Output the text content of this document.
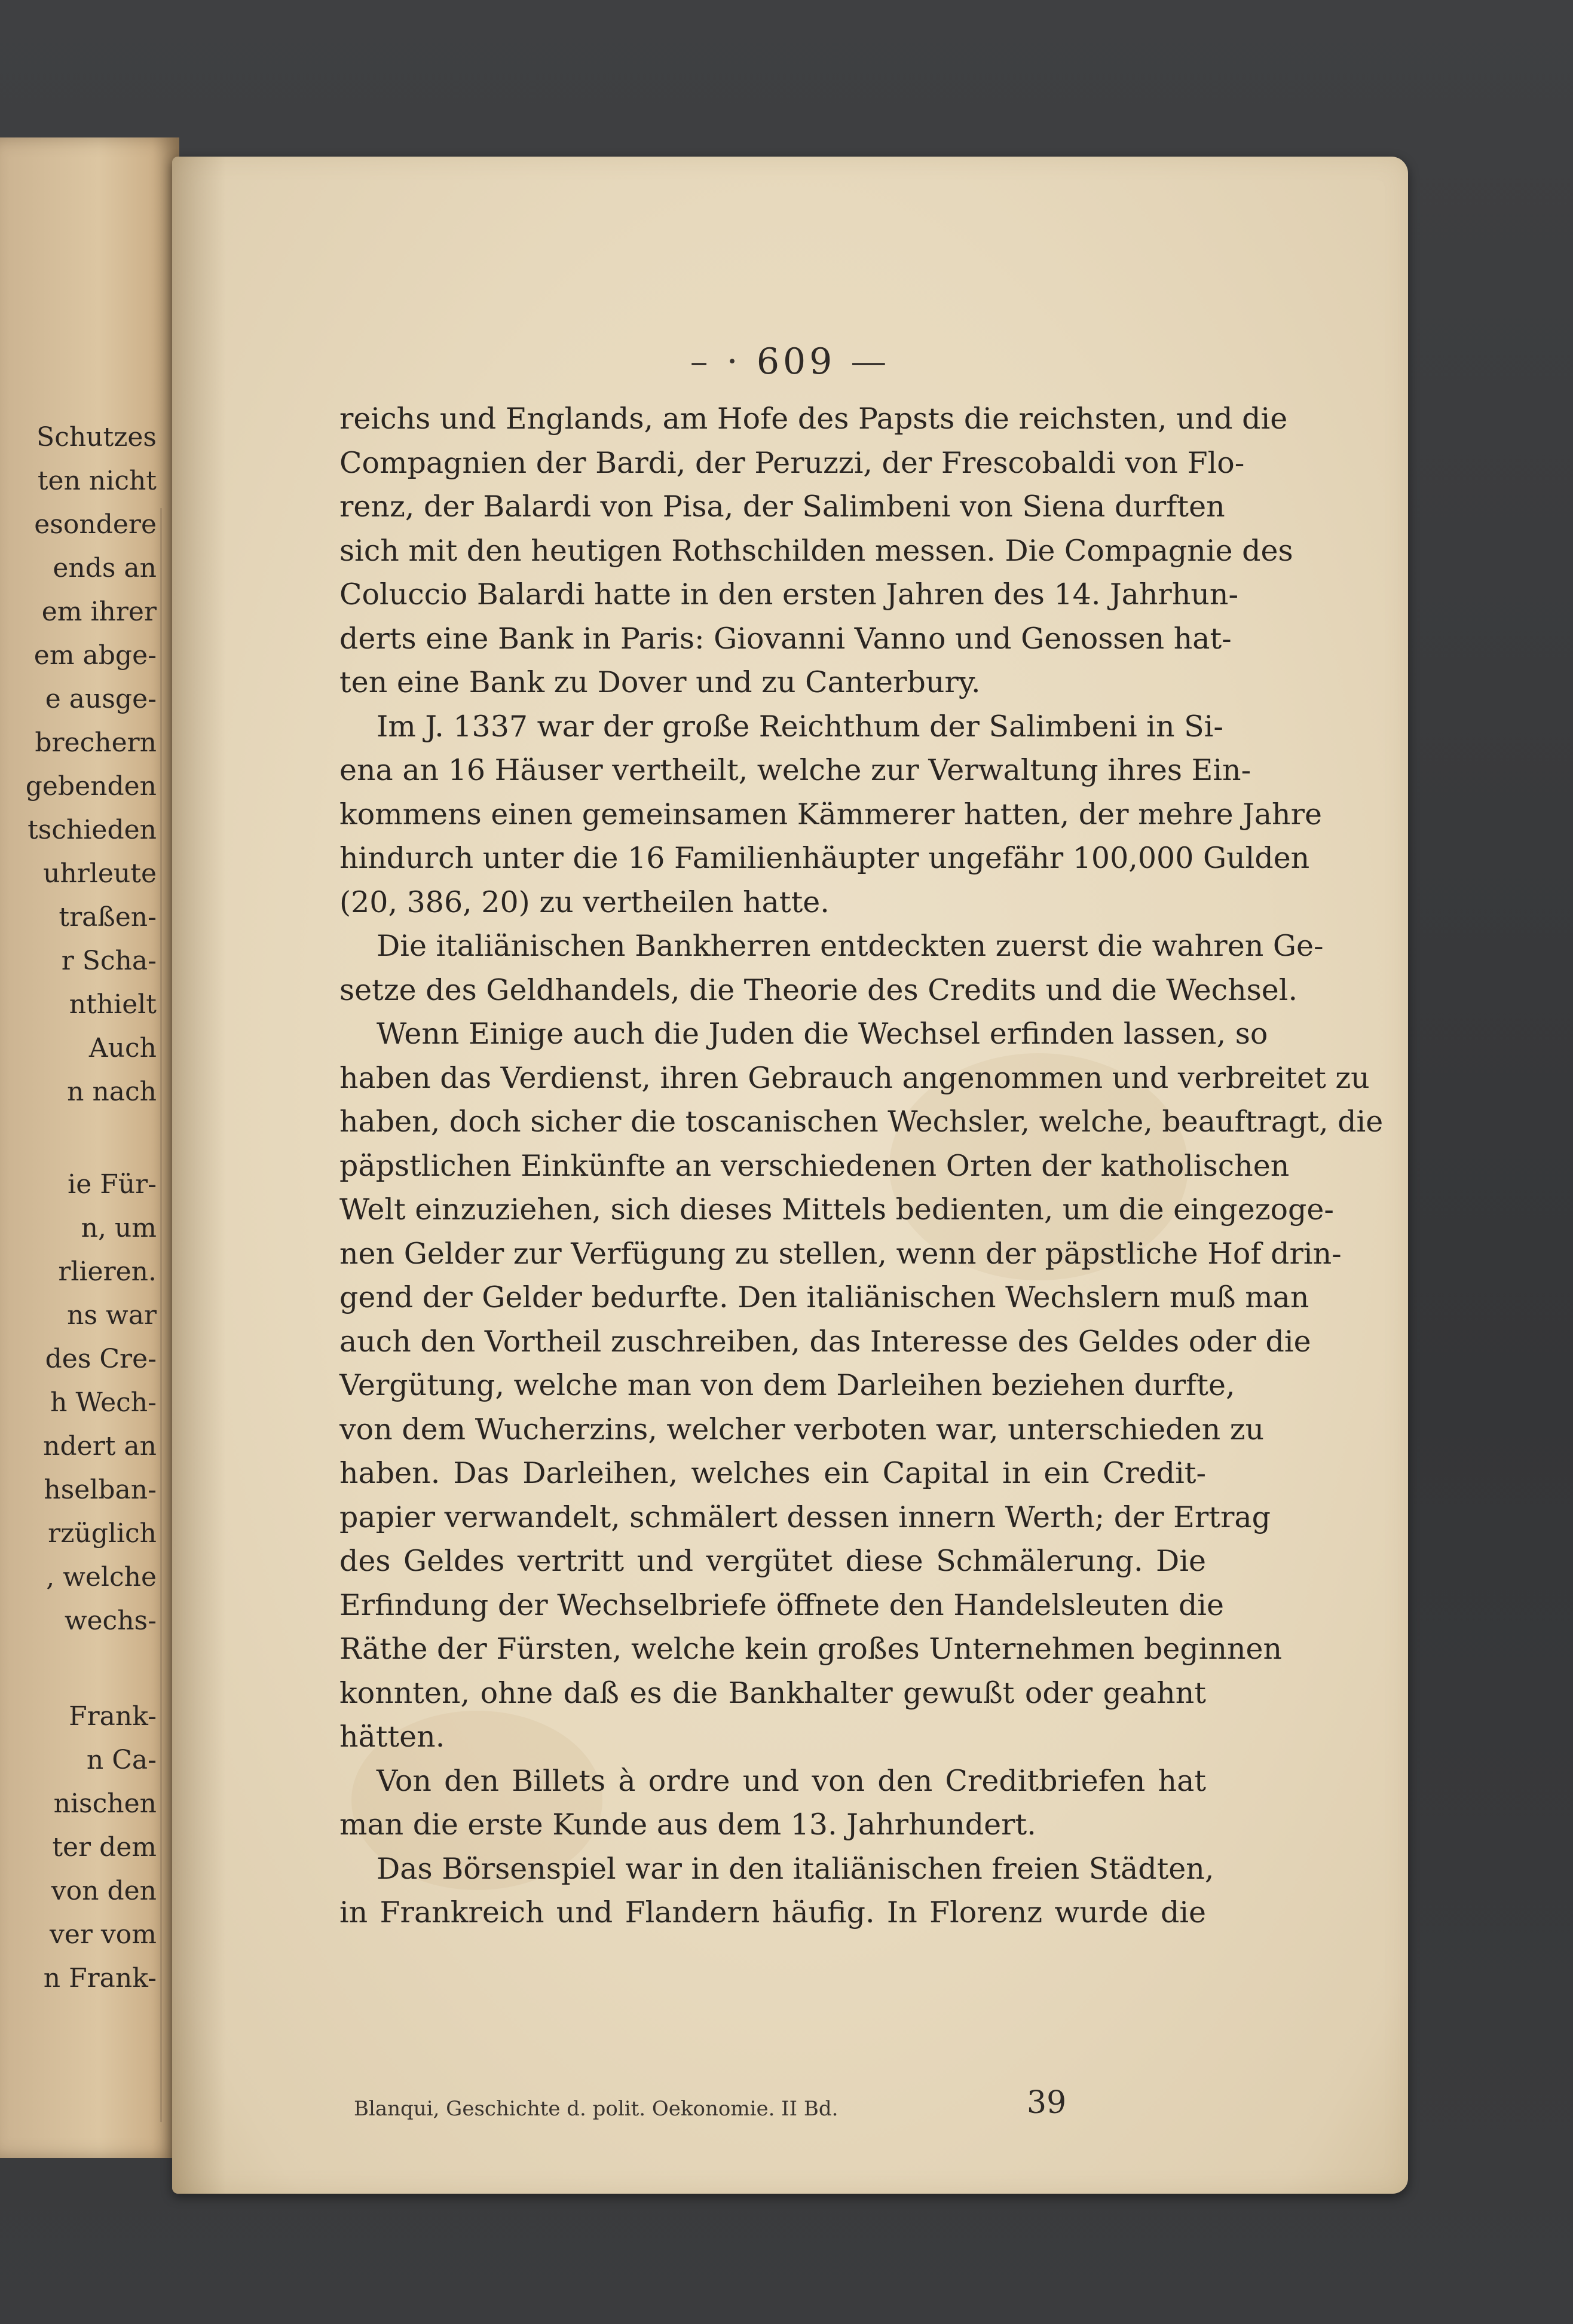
– · 609 —
reichs und Englands, am Hofe des Papsts die reichsten, und die
Compagnien der Bardi, der Peruzzi, der Frescobaldi von Flo-
renz, der Balardi von Pisa, der Salimbeni von Siena durften
sich mit den heutigen Rothschilden messen. Die Compagnie des
Coluccio Balardi hatte in den ersten Jahren des 14. Jahrhun-
derts eine Bank in Paris: Giovanni Vanno und Genossen hat-
ten eine Bank zu Dover und zu Canterbury.
Im J. 1337 war der große Reichthum der Salimbeni in Si-
ena an 16 Häuser vertheilt, welche zur Verwaltung ihres Ein-
kommens einen gemeinsamen Kämmerer hatten, der mehre Jahre
hindurch unter die 16 Familienhäupter ungefähr 100,000 Gulden
(20, 386, 20) zu vertheilen hatte.
Die italiänischen Bankherren entdeckten zuerst die wahren Ge-
setze des Geldhandels, die Theorie des Credits und die Wechsel.
Wenn Einige auch die Juden die Wechsel erfinden lassen, so
haben das Verdienst, ihren Gebrauch angenommen und verbreitet zu
haben, doch sicher die toscanischen Wechsler, welche, beauftragt, die
päpstlichen Einkünfte an verschiedenen Orten der katholischen
Welt einzuziehen, sich dieses Mittels bedienten, um die eingezoge-
nen Gelder zur Verfügung zu stellen, wenn der päpstliche Hof drin-
gend der Gelder bedurfte. Den italiänischen Wechslern muß man
auch den Vortheil zuschreiben, das Interesse des Geldes oder die
Vergütung, welche man von dem Darleihen beziehen durfte,
von dem Wucherzins, welcher verboten war, unterschieden zu
haben. Das Darleihen, welches ein Capital in ein Credit-
papier verwandelt, schmälert dessen innern Werth; der Ertrag
des Geldes vertritt und vergütet diese Schmälerung. Die
Erfindung der Wechselbriefe öffnete den Handelsleuten die
Räthe der Fürsten, welche kein großes Unternehmen beginnen
konnten, ohne daß es die Bankhalter gewußt oder geahnt
hätten.
Von den Billets à ordre und von den Creditbriefen hat
man die erste Kunde aus dem 13. Jahrhundert.
Das Börsenspiel war in den italiänischen freien Städten,
in Frankreich und Flandern häufig. In Florenz wurde die
Blanqui, Geschichte d. polit. Oekonomie. II Bd.	39
Schutzes
ten nicht
esondere
ends an
em ihrer
em abge-
e ausge-
brechern
gebenden
tschieden
uhrleute
traßen-
r Scha-
nthielt
Auch
n nach
ie Für-
n, um
rlieren.
ns war
des Cre-
h Wech-
ndert an
hselban-
rzüglich
, welche
wechs-
Frank-
n Ca-
nischen
ter dem
von den
ver vom
n Frank-
